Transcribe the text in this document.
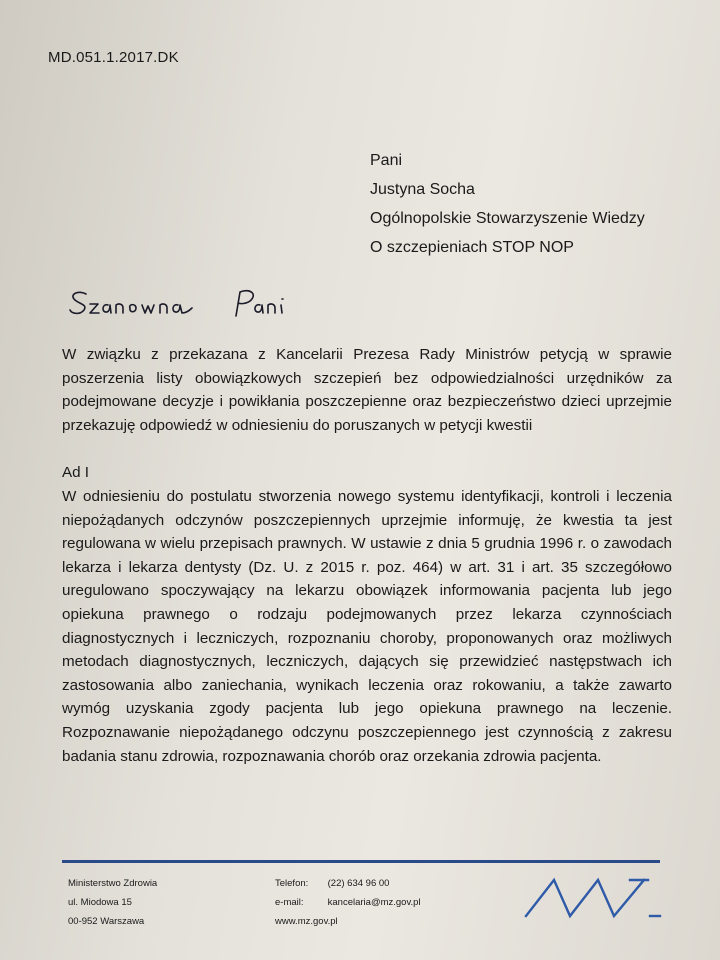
MD.051.1.2017.DK
Pani
Justyna Socha
Ogólnopolskie Stowarzyszenie Wiedzy
O szczepieniach STOP NOP

W związku z przekazana z Kancelarii Prezesa Rady Ministrów petycją w sprawie poszerzenia listy obowiązkowych szczepień bez odpowiedzialności urzędników za podejmowane decyzje i powikłania poszczepienne oraz bezpieczeństwo dzieci uprzejmie przekazuję odpowiedź w odniesieniu do poruszanych w petycji kwestii

Ad I

W odniesieniu do postulatu stworzenia nowego systemu identyfikacji, kontroli i leczenia niepożądanych odczynów poszczepiennych uprzejmie informuję, że kwestia ta jest regulowana w wielu przepisach prawnych. W ustawie z dnia 5 grudnia 1996 r. o zawodach lekarza i lekarza dentysty (Dz. U. z 2015 r. poz. 464) w art. 31 i art. 35 szczegółowo uregulowano spoczywający na lekarzu obowiązek informowania pacjenta lub jego opiekuna prawnego o rodzaju podejmowanych przez lekarza czynnościach diagnostycznych i leczniczych, rozpoznaniu choroby, proponowanych oraz możliwych metodach diagnostycznych, leczniczych, dających się przewidzieć następstwach ich zastosowania albo zaniechania, wynikach leczenia oraz rokowaniu, a także zawarto wymóg uzyskania zgody pacjenta lub jego opiekuna prawnego na leczenie. Rozpoznawanie niepożądanego odczynu poszczepiennego jest czynnością z zakresu badania stanu zdrowia, rozpoznawania chorób oraz orzekania zdrowia pacjenta.

Ministerstwo Zdrowia
ul. Miodowa 15
00-952 Warszawa
Telefon: (22) 634 96 00
e-mail:	kancelaria@mz.gov.pl
www.mz.gov.pl
